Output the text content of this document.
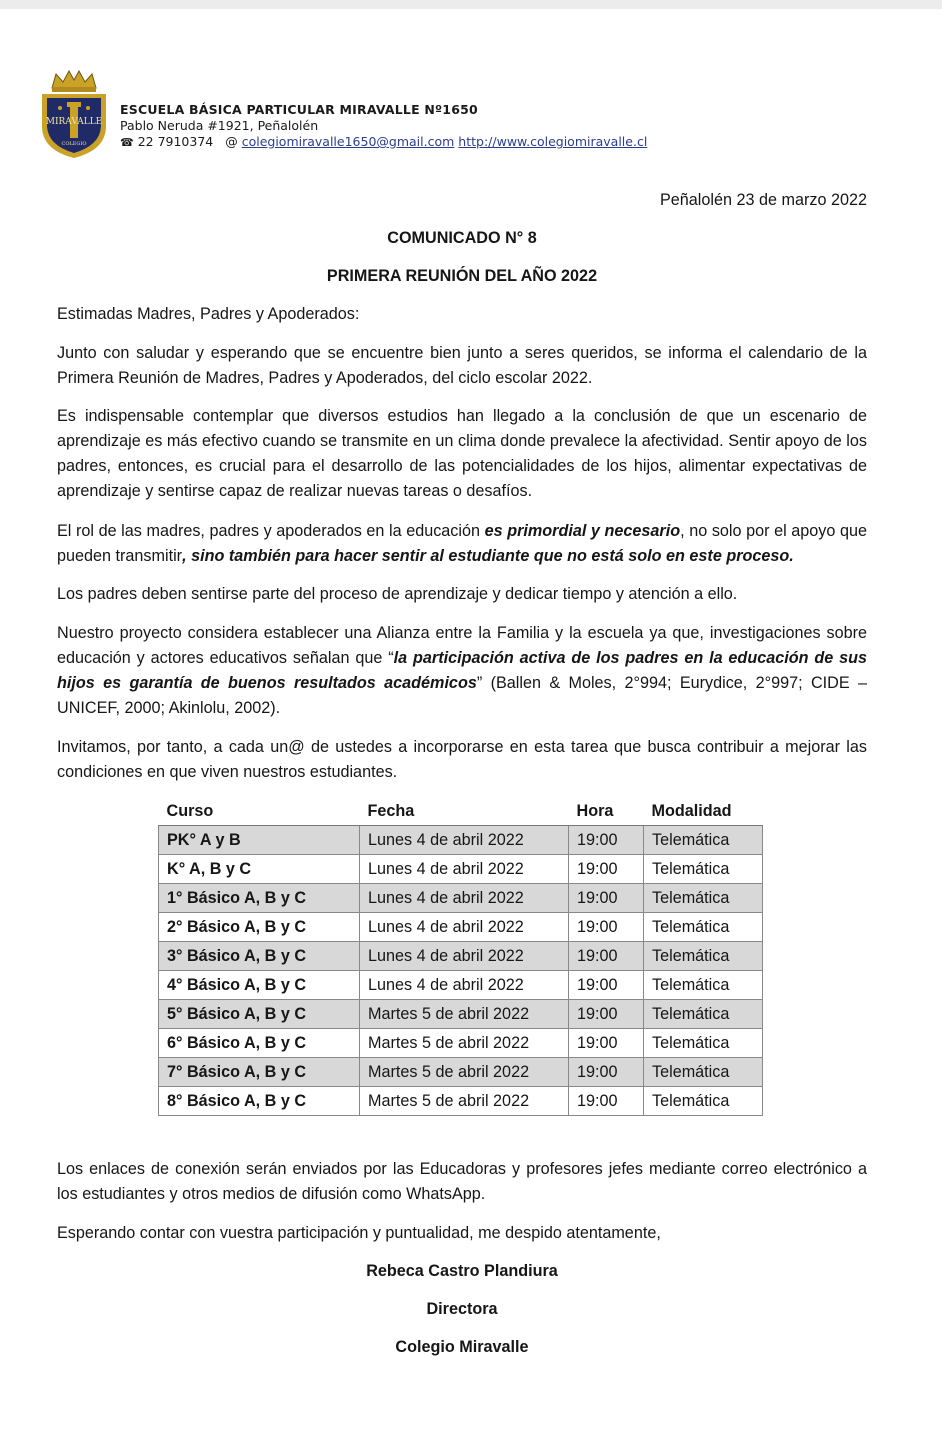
MIRAVALLE
COLEGIO
ESCUELA BÁSICA PARTICULAR MIRAVALLE Nº1650
Pablo Neruda #1921, Peñalolén
☎ 22 7910374 @ colegiomiravalle1650@gmail.com http://www.colegiomiravalle.cl
Peñalolén 23 de marzo 2022
COMUNICADO N° 8
PRIMERA REUNIÓN DEL AÑO 2022
Estimadas Madres, Padres y Apoderados:
Junto con saludar y esperando que se encuentre bien junto a seres queridos, se informa el calendario de la Primera Reunión de Madres, Padres y Apoderados, del ciclo escolar 2022.
Es indispensable contemplar que diversos estudios han llegado a la conclusión de que un escenario de aprendizaje es más efectivo cuando se transmite en un clima donde prevalece la afectividad. Sentir apoyo de los padres, entonces, es crucial para el desarrollo de las potencialidades de los hijos, alimentar expectativas de aprendizaje y sentirse capaz de realizar nuevas tareas o desafíos.
El rol de las madres, padres y apoderados en la educación es primordial y necesario, no solo por el apoyo que pueden transmitir, sino también para hacer sentir al estudiante que no está solo en este proceso.
Los padres deben sentirse parte del proceso de aprendizaje y dedicar tiempo y atención a ello.
Nuestro proyecto considera establecer una Alianza entre la Familia y la escuela ya que, investigaciones sobre educación y actores educativos señalan que “la participación activa de los padres en la educación de sus hijos es garantía de buenos resultados académicos” (Ballen & Moles, 2°994; Eurydice, 2°997; CIDE – UNICEF, 2000; Akinlolu, 2002).
Invitamos, por tanto, a cada un@ de ustedes a incorporarse en esta tarea que busca contribuir a mejorar las condiciones en que viven nuestros estudiantes.
Curso	Fecha	Hora	Modalidad
PK° A y B	Lunes 4 de abril 2022	19:00	Telemática
K° A, B y C	Lunes 4 de abril 2022	19:00	Telemática
1° Básico A, B y C	Lunes 4 de abril 2022	19:00	Telemática
2° Básico A, B y C	Lunes 4 de abril 2022	19:00	Telemática
3° Básico A, B y C	Lunes 4 de abril 2022	19:00	Telemática
4° Básico A, B y C	Lunes 4 de abril 2022	19:00	Telemática
5° Básico A, B y C	Martes 5 de abril 2022	19:00	Telemática
6° Básico A, B y C	Martes 5 de abril 2022	19:00	Telemática
7° Básico A, B y C	Martes 5 de abril 2022	19:00	Telemática
8° Básico A, B y C	Martes 5 de abril 2022	19:00	Telemática
Los enlaces de conexión serán enviados por las Educadoras y profesores jefes mediante correo electrónico a los estudiantes y otros medios de difusión como WhatsApp.
Esperando contar con vuestra participación y puntualidad, me despido atentamente,
Rebeca Castro Plandiura
Directora
Colegio Miravalle
